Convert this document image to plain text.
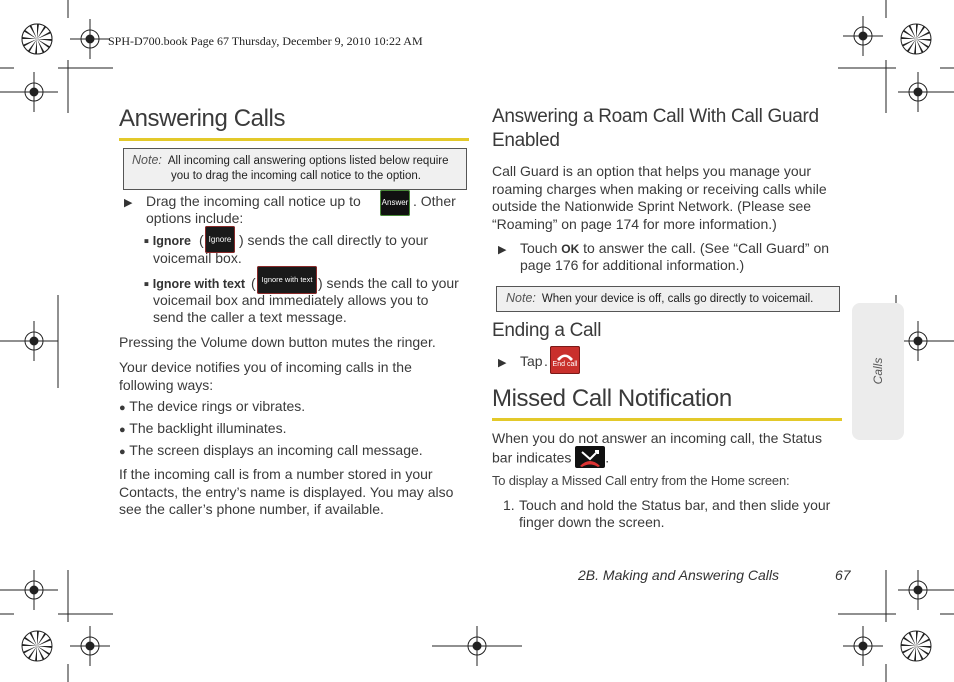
SPH-D700.book Page 67 Thursday, December 9, 2010 10:22 AM
Answering Calls
Note: All incoming call answering options listed below require
you to drag the incoming call notice to the option.
▶ Drag the incoming call notice up to	Answer . Other
options include:
■ Ignore ( Ignore ) sends the call directly to your
voicemail box.
■ Ignore with text ( Ignore with text ) sends the call to your
voicemail box and immediately allows you to
send the caller a text message.
Pressing the Volume down button mutes the ringer.
Your device notifies you of incoming calls in the
following ways:
● The device rings or vibrates.
● The backlight illuminates.
● The screen displays an incoming call message.
If the incoming call is from a number stored in your
Contacts, the entry’s name is displayed. You may also
see the caller’s phone number, if available.
Answering a Roam Call With Call Guard
Enabled
Call Guard is an option that helps you manage your
roaming charges when making or receiving calls while
outside the Nationwide Sprint Network. (Please see
“Roaming” on page 174 for more information.)
▶ Touch OK to answer the call. (See “Call Guard” on
page 176 for additional information.)
Note: When your device is off, calls go directly to voicemail.
Ending a Call
▶ Tap . End call
Missed Call Notification
When you do not answer an incoming call, the Status
bar indicates .
To display a Missed Call entry from the Home screen:
1. Touch and hold the Status bar, and then slide your
finger down the screen.
Calls
2B. Making and Answering Calls	67
